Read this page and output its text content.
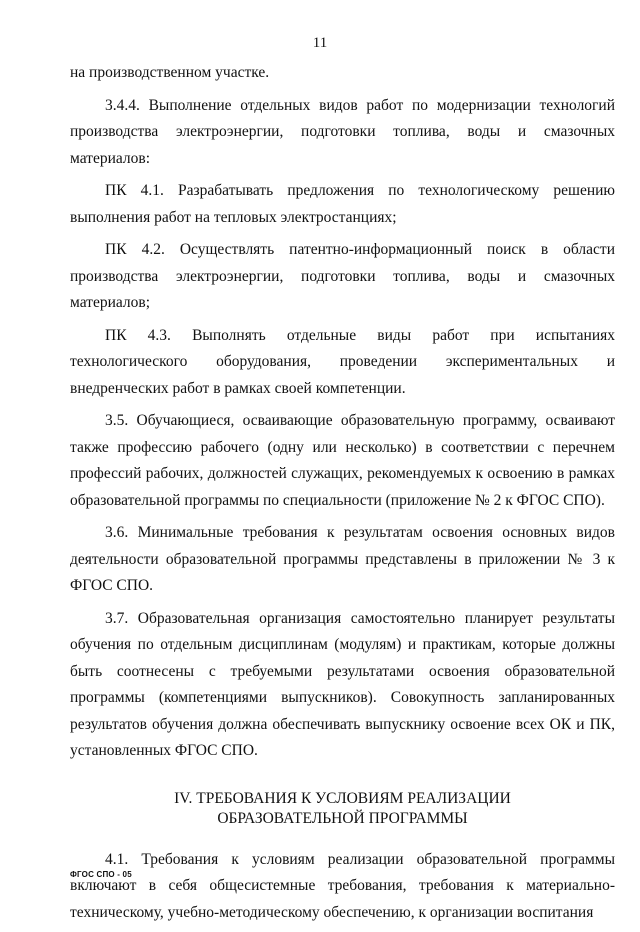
11

на производственном участке.

3.4.4. Выполнение отдельных видов работ по модернизации технологий производства электроэнергии, подготовки топлива, воды и смазочных материалов:

ПК 4.1. Разрабатывать предложения по технологическому решению выполнения работ на тепловых электростанциях;

ПК 4.2. Осуществлять патентно-информационный поиск в области производства электроэнергии, подготовки топлива, воды и смазочных материалов;

ПК 4.3. Выполнять отдельные виды работ при испытаниях технологического оборудования, проведении экспериментальных и внедренческих работ в рамках своей компетенции.

3.5. Обучающиеся, осваивающие образовательную программу, осваивают также профессию рабочего (одну или несколько) в соответствии с перечнем профессий рабочих, должностей служащих, рекомендуемых к освоению в рамках образовательной программы по специальности (приложение № 2 к ФГОС СПО).

3.6. Минимальные требования к результатам освоения основных видов деятельности образовательной программы представлены в приложении № 3 к ФГОС СПО.

3.7. Образовательная организация самостоятельно планирует результаты обучения по отдельным дисциплинам (модулям) и практикам, которые должны быть соотнесены с требуемыми результатами освоения образовательной программы (компетенциями выпускников). Совокупность запланированных результатов обучения должна обеспечивать выпускнику освоение всех ОК и ПК, установленных ФГОС СПО.

IV. ТРЕБОВАНИЯ К УСЛОВИЯМ РЕАЛИЗАЦИИ
ОБРАЗОВАТЕЛЬНОЙ ПРОГРАММЫ

4.1. Требования к условиям реализации образовательной программы включают в себя общесистемные требования, требования к материально-техническому, учебно-методическому обеспечению, к организации воспитания

ФГОС СПО - 05
